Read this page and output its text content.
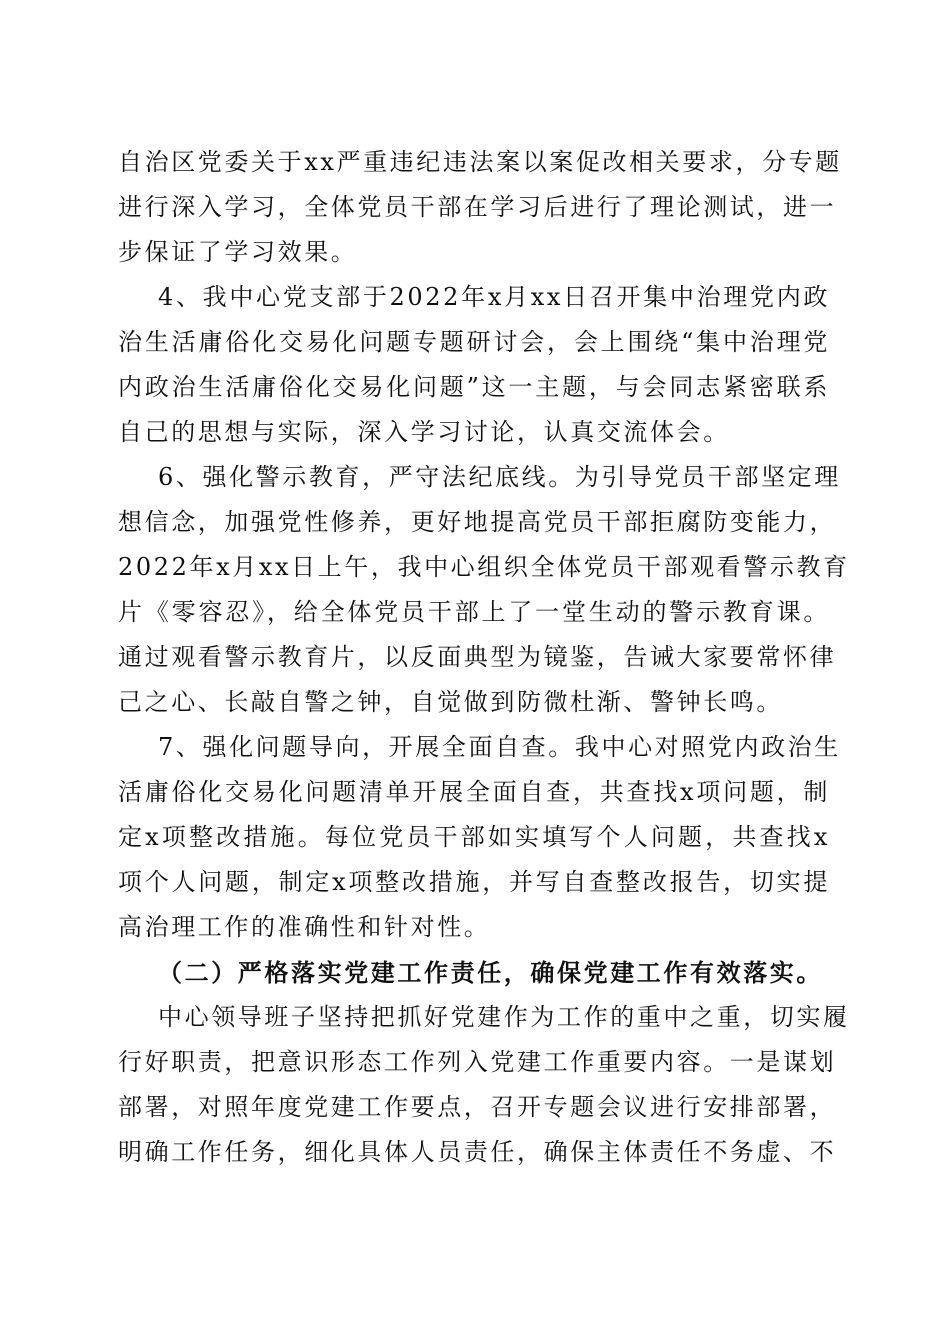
自治区党委关于xx严重违纪违法案以案促改相关要求，分专题
进行深入学习，全体党员干部在学习后进行了理论测试，进一
步保证了学习效果。
4、我中心党支部于2022年x月xx日召开集中治理党内政
治生活庸俗化交易化问题专题研讨会，会上围绕“集中治理党
内政治生活庸俗化交易化问题”这一主题，与会同志紧密联系
自己的思想与实际，深入学习讨论，认真交流体会。
6、强化警示教育，严守法纪底线。为引导党员干部坚定理
想信念，加强党性修养，更好地提高党员干部拒腐防变能力，
2022年x月xx日上午，我中心组织全体党员干部观看警示教育
片《零容忍》，给全体党员干部上了一堂生动的警示教育课。
通过观看警示教育片，以反面典型为镜鉴，告诫大家要常怀律
己之心、长敲自警之钟，自觉做到防微杜渐、警钟长鸣。
7、强化问题导向，开展全面自查。我中心对照党内政治生
活庸俗化交易化问题清单开展全面自查，共查找x项问题，制
定x项整改措施。每位党员干部如实填写个人问题，共查找x
项个人问题，制定x项整改措施，并写自查整改报告，切实提
高治理工作的准确性和针对性。
（二）严格落实党建工作责任，确保党建工作有效落实。
中心领导班子坚持把抓好党建作为工作的重中之重，切实履
行好职责，把意识形态工作列入党建工作重要内容。一是谋划
部署，对照年度党建工作要点，召开专题会议进行安排部署，
明确工作任务，细化具体人员责任，确保主体责任不务虚、不
